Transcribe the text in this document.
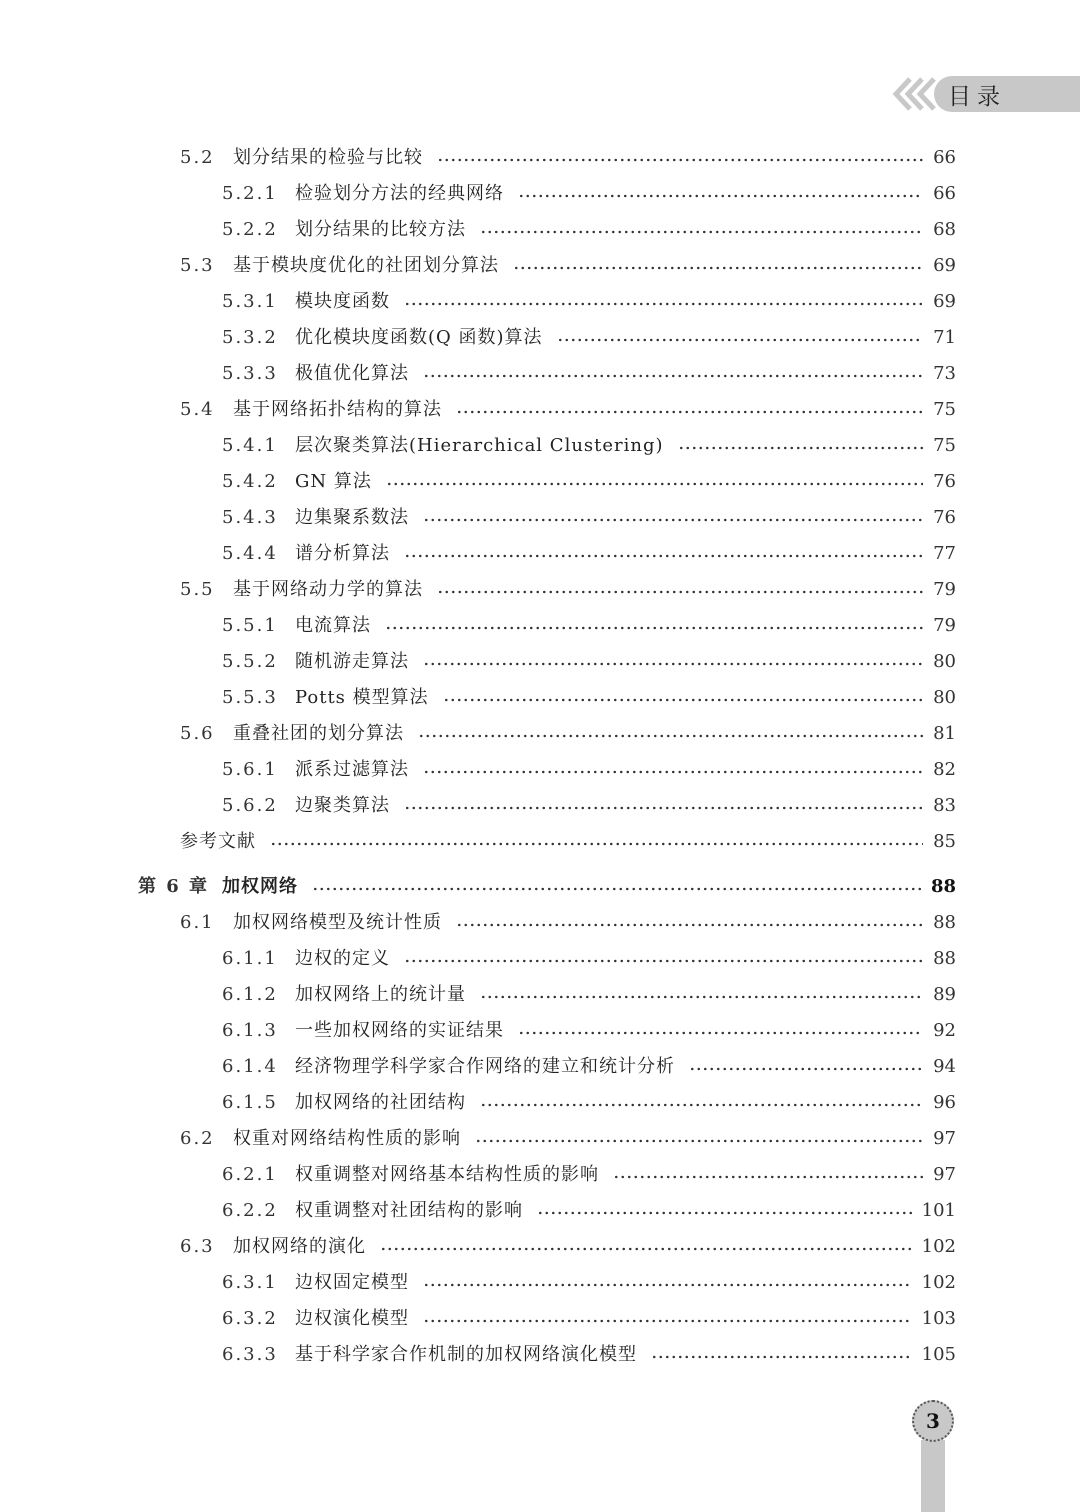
目录
5.2 划分结果的检验与比较	66
5.2.1 检验划分方法的经典网络	66
5.2.2 划分结果的比较方法	68
5.3 基于模块度优化的社团划分算法	69
5.3.1 模块度函数	69
5.3.2 优化模块度函数(Q 函数)算法	71
5.3.3 极值优化算法	73
5.4 基于网络拓扑结构的算法	75
5.4.1 层次聚类算法(Hierarchical Clustering)	75
5.4.2 GN 算法	76
5.4.3 边集聚系数法	76
5.4.4 谱分析算法	77
5.5 基于网络动力学的算法	79
5.5.1 电流算法	79
5.5.2 随机游走算法	80
5.5.3 Potts 模型算法	80
5.6 重叠社团的划分算法	81
5.6.1 派系过滤算法	82
5.6.2 边聚类算法	83
参考文献	85
第 6 章 加权网络	88
6.1 加权网络模型及统计性质	88
6.1.1 边权的定义	88
6.1.2 加权网络上的统计量	89
6.1.3 一些加权网络的实证结果	92
6.1.4 经济物理学科学家合作网络的建立和统计分析	94
6.1.5 加权网络的社团结构	96
6.2 权重对网络结构性质的影响	97
6.2.1 权重调整对网络基本结构性质的影响	97
6.2.2 权重调整对社团结构的影响	101
6.3 加权网络的演化	102
6.3.1 边权固定模型	102
6.3.2 边权演化模型	103
6.3.3 基于科学家合作机制的加权网络演化模型	105
3
